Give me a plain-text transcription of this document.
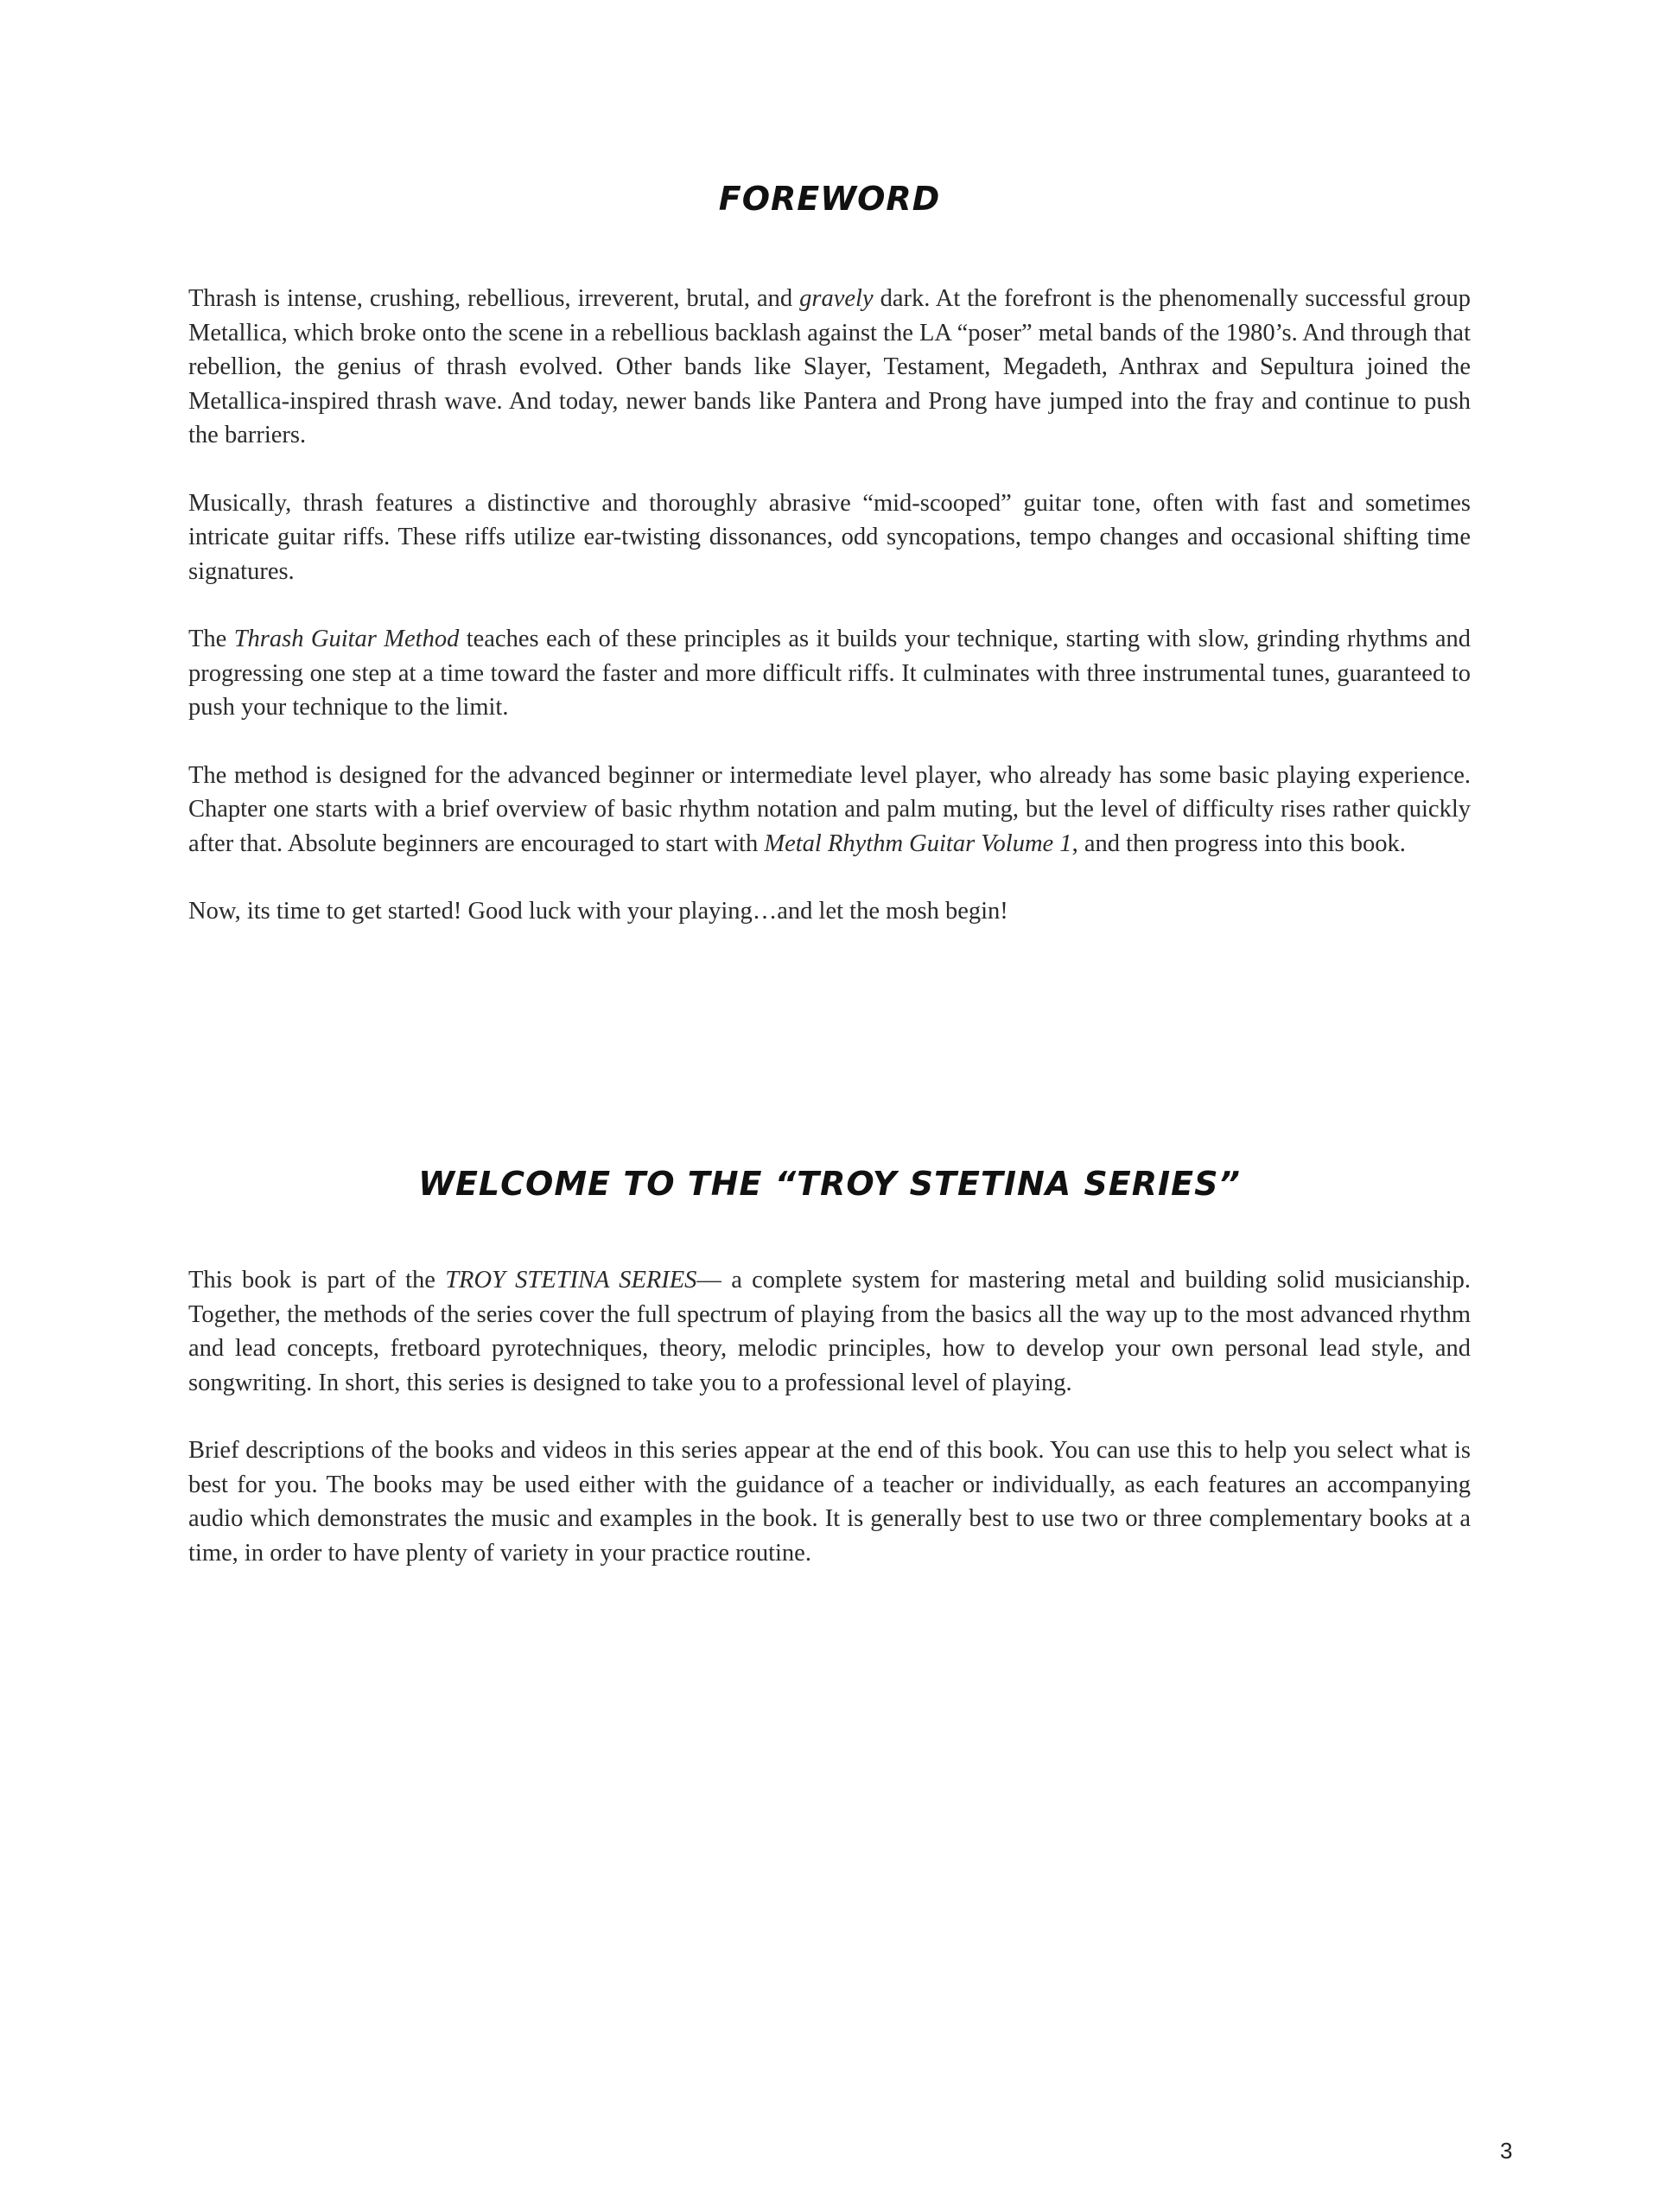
FOREWORD

Thrash is intense, crushing, rebellious, irreverent, brutal, and gravely dark. At the forefront is the phenomenally successful group Metallica, which broke onto the scene in a rebellious backlash against the LA “poser” metal bands of the 1980’s. And through that rebellion, the genius of thrash evolved. Other bands like Slayer, Testament, Megadeth, Anthrax and Sepultura joined the Metallica-inspired thrash wave. And today, newer bands like Pantera and Prong have jumped into the fray and continue to push the barriers.

Musically, thrash features a distinctive and thoroughly abrasive “mid-scooped” guitar tone, often with fast and sometimes intricate guitar riffs. These riffs utilize ear-twisting dissonances, odd syncopations, tempo changes and occasional shifting time signatures.

The Thrash Guitar Method teaches each of these principles as it builds your technique, starting with slow, grinding rhythms and progressing one step at a time toward the faster and more difficult riffs. It culminates with three instrumental tunes, guaranteed to push your technique to the limit.

The method is designed for the advanced beginner or intermediate level player, who already has some basic playing experience. Chapter one starts with a brief overview of basic rhythm notation and palm muting, but the level of difficulty rises rather quickly after that. Absolute beginners are encouraged to start with Metal Rhythm Guitar Volume 1, and then progress into this book.

Now, its time to get started! Good luck with your playing…and let the mosh begin!

WELCOME TO THE “TROY STETINA SERIES”

This book is part of the TROY STETINA SERIES— a complete system for mastering metal and building solid musicianship. Together, the methods of the series cover the full spectrum of playing from the basics all the way up to the most advanced rhythm and lead concepts, fretboard pyrotechniques, theory, melodic principles, how to develop your own personal lead style, and songwriting. In short, this series is designed to take you to a professional level of playing.

Brief descriptions of the books and videos in this series appear at the end of this book. You can use this to help you select what is best for you. The books may be used either with the guidance of a teacher or individually, as each features an accompanying audio which demonstrates the music and examples in the book. It is generally best to use two or three complementary books at a time, in order to have plenty of variety in your practice routine.

3
